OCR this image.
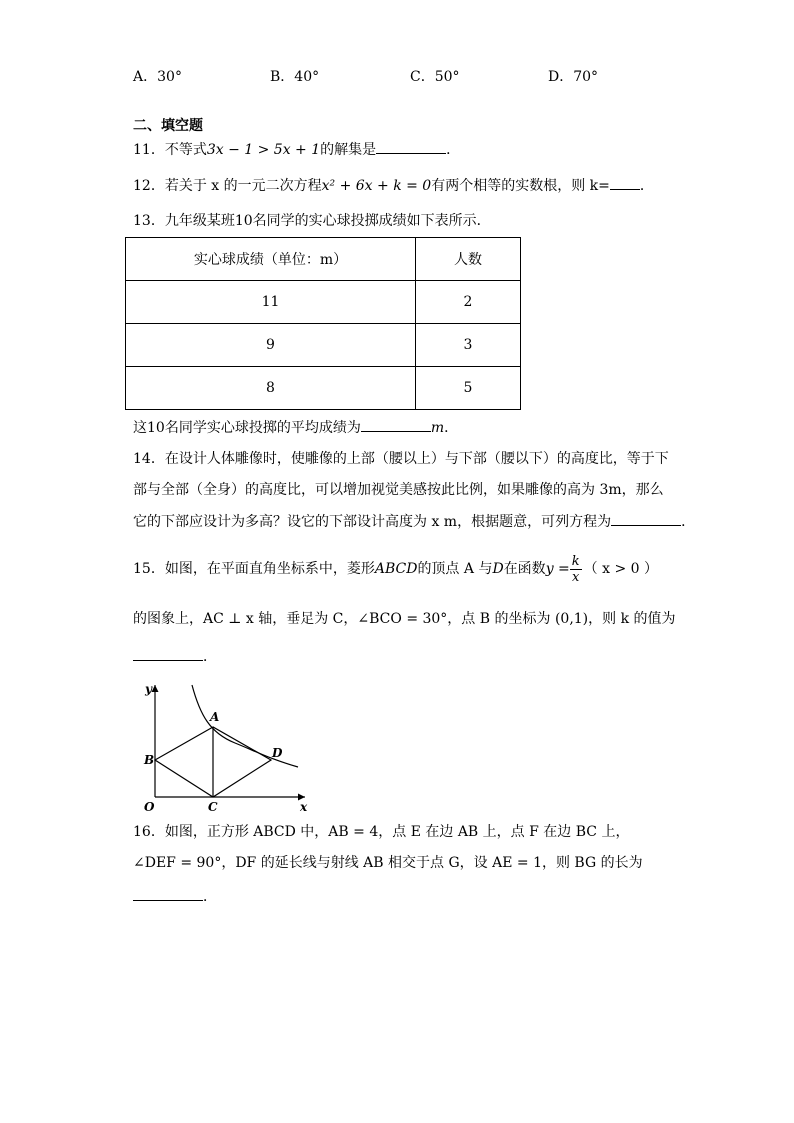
A．30°	B．40°	C．50°	D．70°
二、填空题
11．不等式3x − 1 > 5x + 1的解集是	．
12．若关于 x 的一元二次方程x² + 6x + k = 0有两个相等的实数根，则 k= ．
13．九年级某班10名同学的实心球投掷成绩如下表所示．
实心球成绩（单位：m）	人数
11	2
9	3
8	5
这10名同学实心球投掷的平均成绩为	m．
14．在设计人体雕像时，使雕像的上部（腰以上）与下部（腰以下）的高度比，等于下
部与全部（全身）的高度比，可以增加视觉美感按此比例，如果雕像的高为 3m，那么
它的下部应设计为多高？设它的下部设计高度为 x m，根据题意，可列方程为	．
15．如图，在平面直角坐标系中，菱形ABCD的顶点 A 与D在函数$y = \frac{k}{x}$ （ x > 0 ）
的图象上，AC ⊥ x 轴，垂足为 C，∠BCO = 30°，点 B 的坐标为 (0,1)，则 k 的值为
．
y
x
O
A
B
C
D
16．如图，正方形 ABCD 中，AB = 4，点 E 在边 AB 上，点 F 在边 BC 上，
∠DEF = 90°，DF 的延长线与射线 AB 相交于点 G，设 AE = 1，则 BG 的长为
．
